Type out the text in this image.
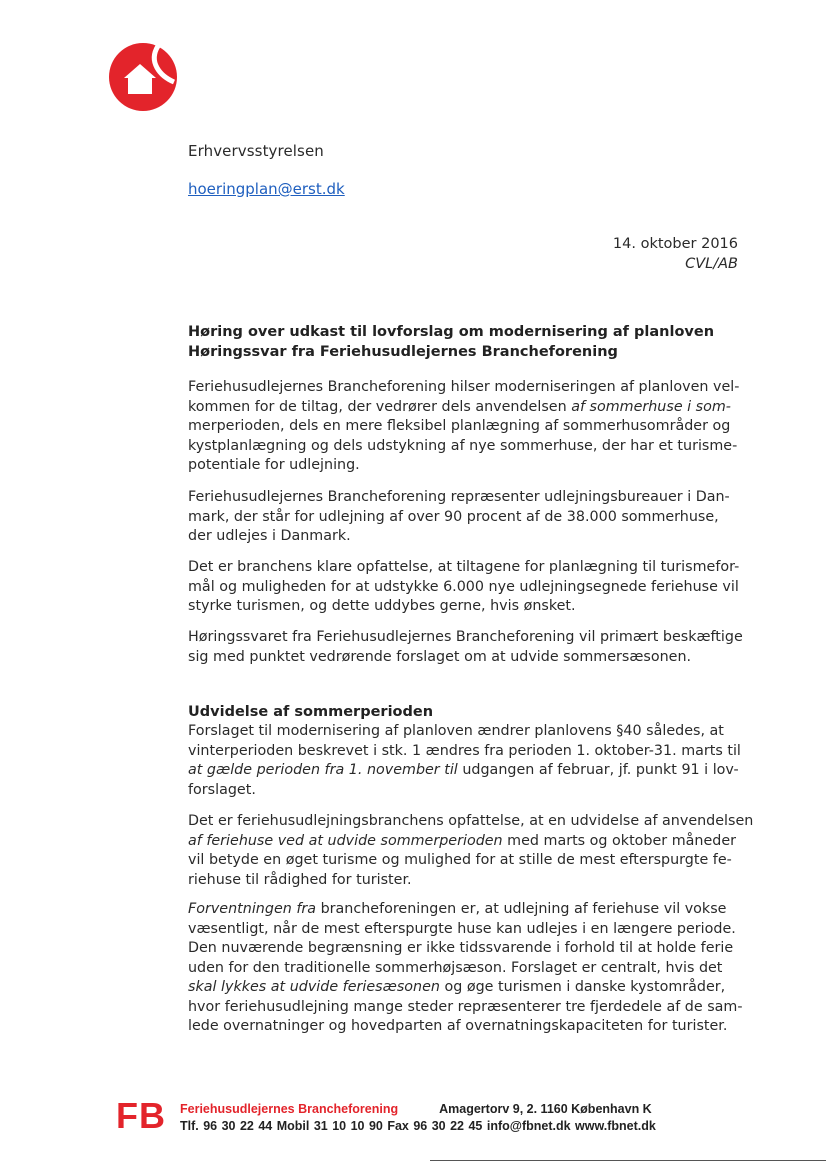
Erhvervsstyrelsen
hoeringplan@erst.dk
14. oktober 2016
CVL/AB
Høring over udkast til lovforslag om modernisering af planloven
Høringssvar fra Feriehusudlejernes Brancheforening
Feriehusudlejernes Brancheforening hilser moderniseringen af planloven vel-
kommen for de tiltag, der vedrører dels anvendelsen af sommerhuse i som-
merperioden, dels en mere fleksibel planlægning af sommerhusområder og
kystplanlægning og dels udstykning af nye sommerhuse, der har et turisme-
potentiale for udlejning.
Feriehusudlejernes Brancheforening repræsenter udlejningsbureauer i Dan-
mark, der står for udlejning af over 90 procent af de 38.000 sommerhuse,
der udlejes i Danmark.
Det er branchens klare opfattelse, at tiltagene for planlægning til turismefor-
mål og muligheden for at udstykke 6.000 nye udlejningsegnede feriehuse vil
styrke turismen, og dette uddybes gerne, hvis ønsket.
Høringssvaret fra Feriehusudlejernes Brancheforening vil primært beskæftige
sig med punktet vedrørende forslaget om at udvide sommersæsonen.
Udvidelse af sommerperioden
Forslaget til modernisering af planloven ændrer planlovens §40 således, at
vinterperioden beskrevet i stk. 1 ændres fra perioden 1. oktober-31. marts til
at gælde perioden fra 1. november til udgangen af februar, jf. punkt 91 i lov-
forslaget.
Det er feriehusudlejningsbranchens opfattelse, at en udvidelse af anvendelsen
af feriehuse ved at udvide sommerperioden med marts og oktober måneder
vil betyde en øget turisme og mulighed for at stille de mest efterspurgte fe-
riehuse til rådighed for turister.
Forventningen fra brancheforeningen er, at udlejning af feriehuse vil vokse
væsentligt, når de mest efterspurgte huse kan udlejes i en længere periode.
Den nuværende begrænsning er ikke tidssvarende i forhold til at holde ferie
uden for den traditionelle sommerhøjsæson. Forslaget er centralt, hvis det
skal lykkes at udvide feriesæsonen og øge turismen i danske kystområder,
hvor feriehusudlejning mange steder repræsenterer tre fjerdedele af de sam-
lede overnatninger og hovedparten af overnatningskapaciteten for turister.
FB Feriehusudlejernes Brancheforening	Amagertorv 9, 2. 1160 København K
Tlf. 96 30 22 44 Mobil 31 10 10 90 Fax 96 30 22 45 info@fbnet.dk www.fbnet.dk
